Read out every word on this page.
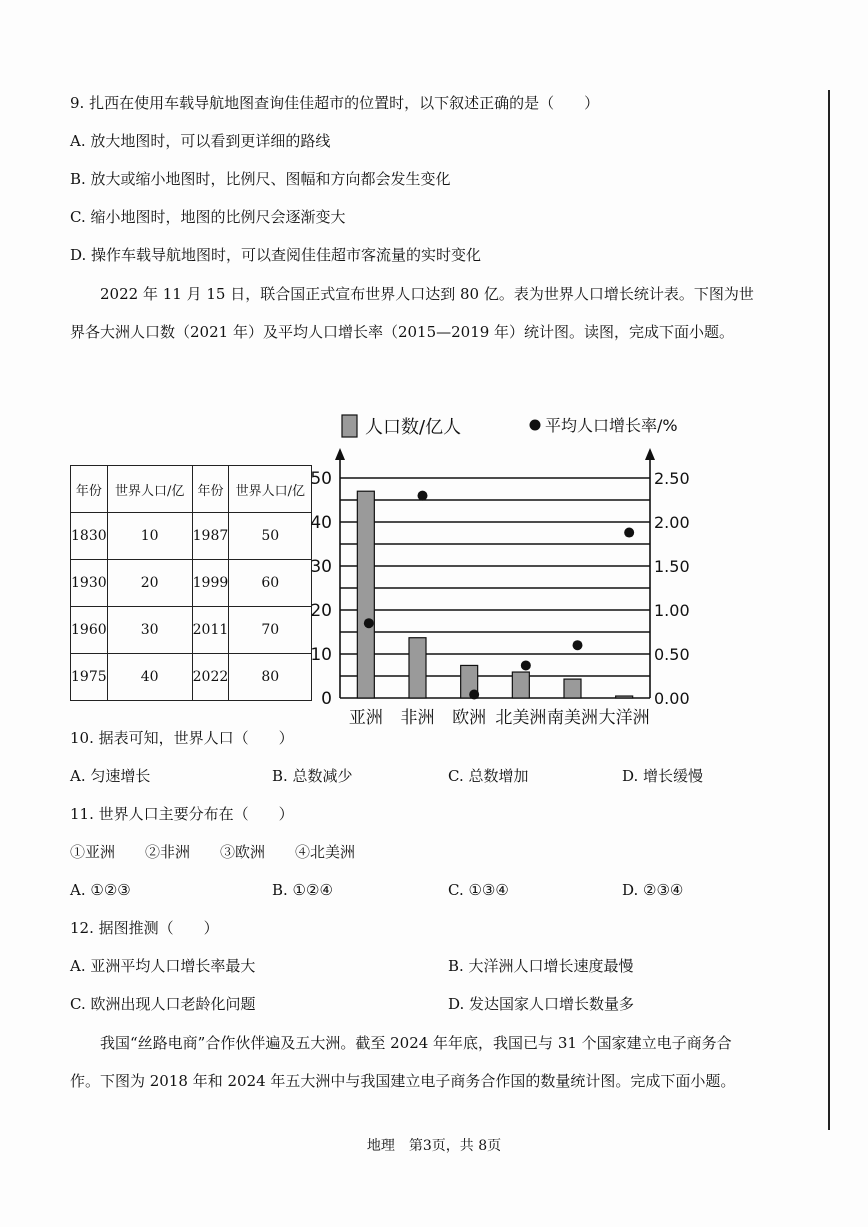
9. 扎西在使用车载导航地图查询佳佳超市的位置时，以下叙述正确的是（　　）
A. 放大地图时，可以看到更详细的路线
B. 放大或缩小地图时，比例尺、图幅和方向都会发生变化
C. 缩小地图时，地图的比例尺会逐渐变大
D. 操作车载导航地图时，可以查阅佳佳超市客流量的实时变化
2022 年 11 月 15 日，联合国正式宣布世界人口达到 80 亿。表为世界人口增长统计表。下图为世
界各大洲人口数（2021 年）及平均人口增长率（2015—2019 年）统计图。读图，完成下面小题。
年份	世界人口/亿	年份	世界人口/亿
1830	10	1987	50
1930	20	1999	60
1960	30	2011	70
1975	40	2022	80
人口数/亿人	平均人口增长率/%
0
10
20
30
40
50
0.00
0.50
1.00
1.50
2.00
2.50
亚洲 非洲 欧洲 北美洲 南美洲 大洋洲
10. 据表可知，世界人口（　　）
A. 匀速增长	B. 总数减少	C. 总数增加	D. 增长缓慢
11. 世界人口主要分布在（　　）
①亚洲　　②非洲　　③欧洲　　④北美洲
A. ①②③	B. ①②④	C. ①③④	D. ②③④
12. 据图推测（　　）
A. 亚洲平均人口增长率最大	B. 大洋洲人口增长速度最慢
C. 欧洲出现人口老龄化问题	D. 发达国家人口增长数量多
我国“丝路电商”合作伙伴遍及五大洲。截至 2024 年年底，我国已与 31 个国家建立电子商务合
作。下图为 2018 年和 2024 年五大洲中与我国建立电子商务合作国的数量统计图。完成下面小题。
地理　第3页，共 8页
